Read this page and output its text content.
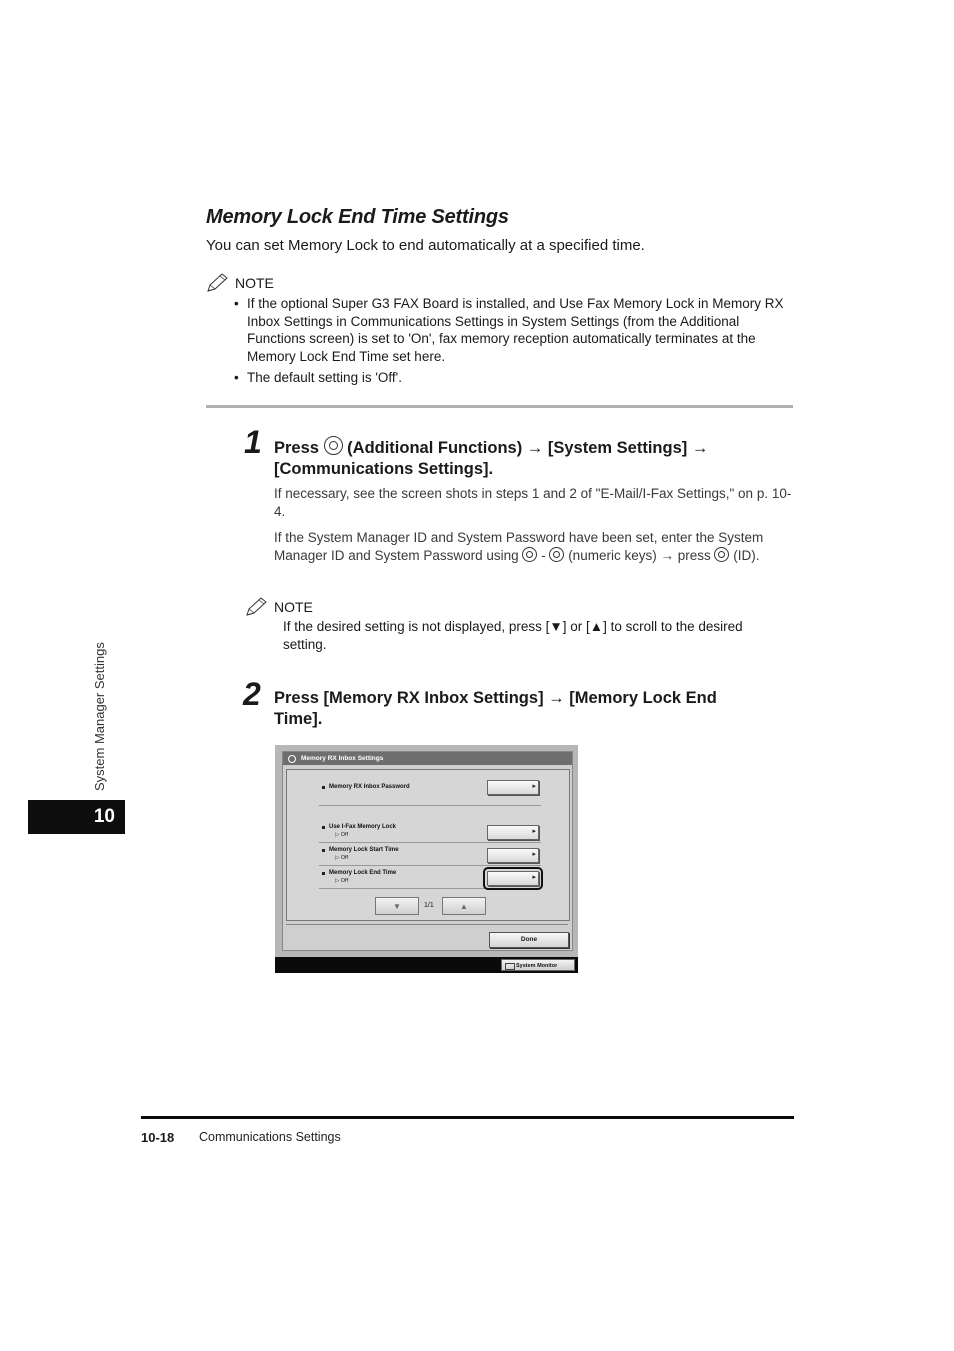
Memory Lock End Time Settings
You can set Memory Lock to end automatically at a specified time.
NOTE
• If the optional Super G3 FAX Board is installed, and Use Fax Memory Lock in Memory RX Inbox Settings in Communications Settings in System Settings (from the Additional Functions screen) is set to 'On', fax memory reception automatically terminates at the Memory Lock End Time set here.
• The default setting is 'Off'.
1 Press (Additional Functions) → [System Settings] → [Communications Settings].
If necessary, see the screen shots in steps 1 and 2 of "E-Mail/I-Fax Settings," on p. 10-4.
If the System Manager ID and System Password have been set, enter the System Manager ID and System Password using - (numeric keys) → press (ID).
NOTE
If the desired setting is not displayed, press [▼] or [▲] to scroll to the desired setting.
2 Press [Memory RX Inbox Settings] → [Memory Lock End Time].
Memory RX Inbox Settings
Memory RX Inbox Password
▸
Use I-Fax Memory Lock
▷ Off
▸
Memory Lock Start Time
▷ Off
▸
Memory Lock End Time
▷ Off
▸
▼	1/1	▲
Done
System Monitor
System Manager Settings
10
10-18 Communications Settings
